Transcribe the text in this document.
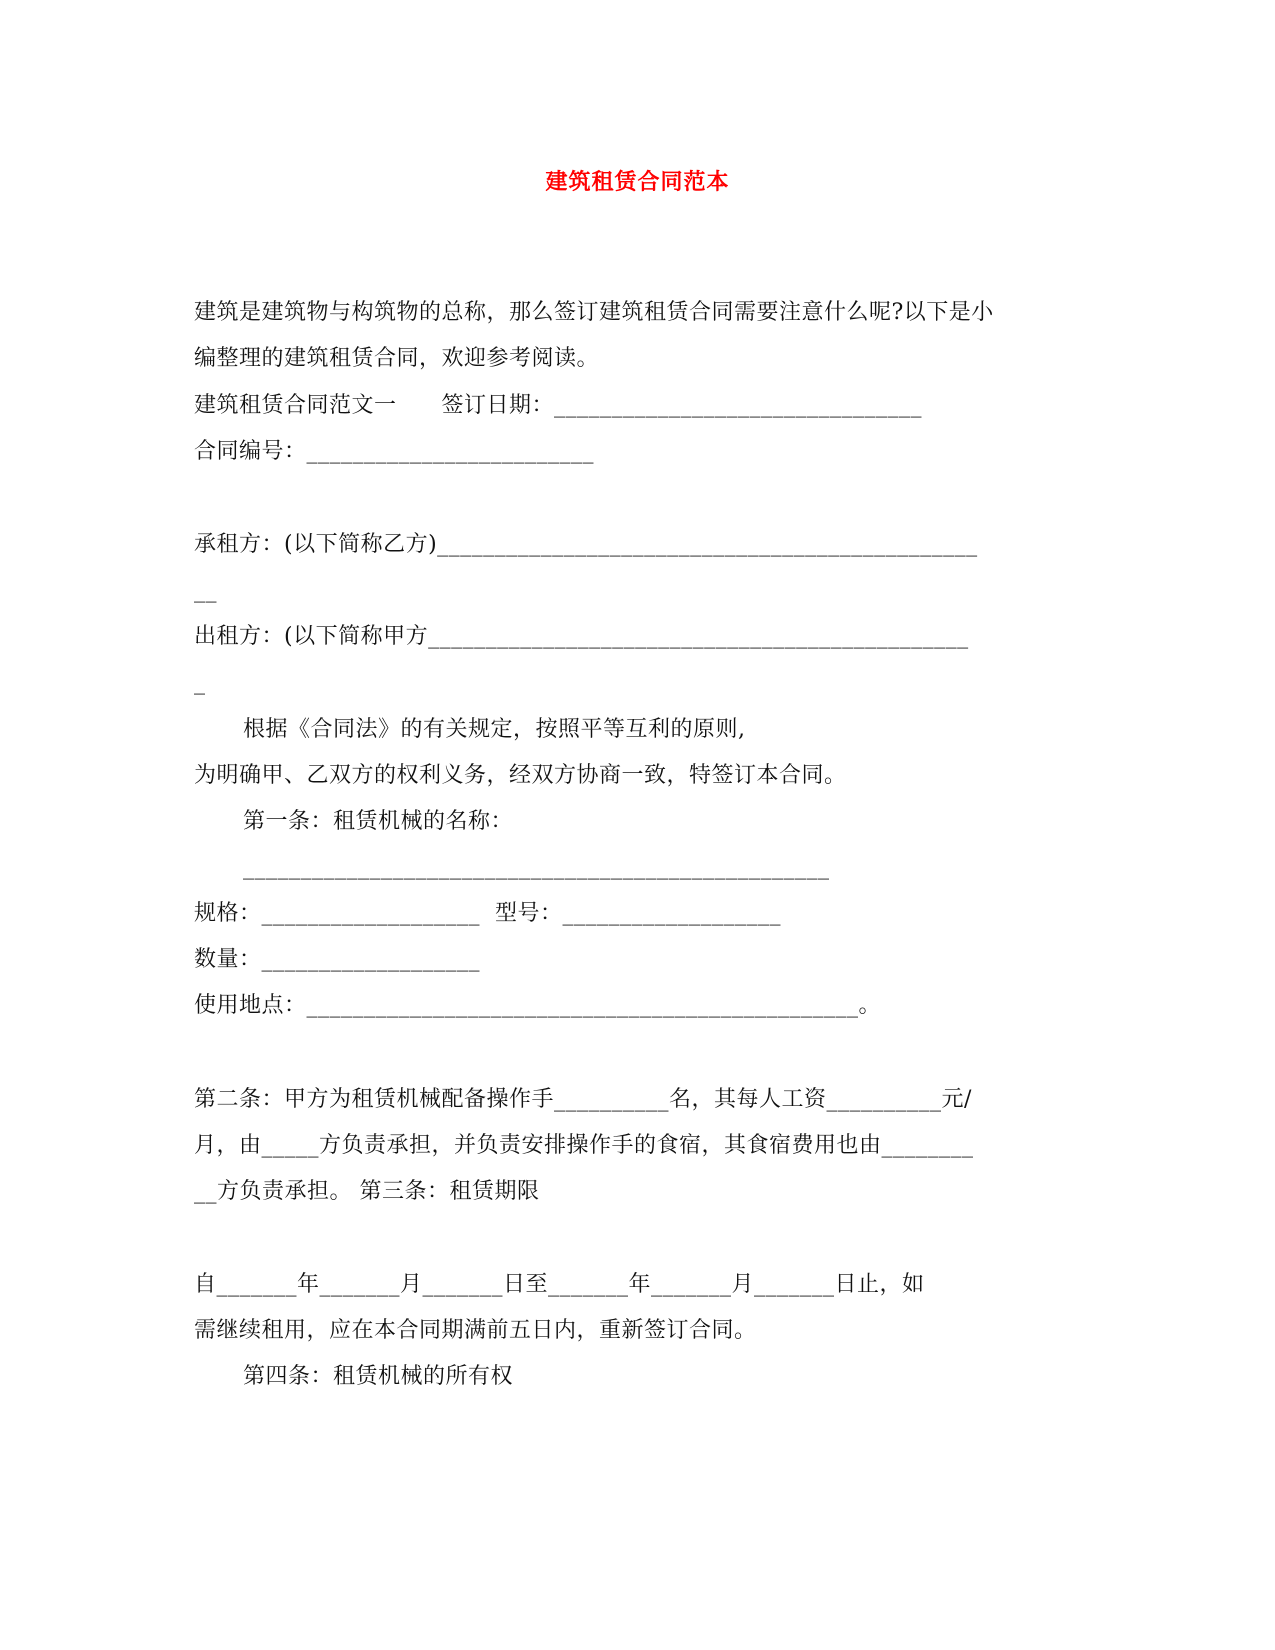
建筑租赁合同范本
建筑是建筑物与构筑物的总称，那么签订建筑租赁合同需要注意什么呢?以下是小
编整理的建筑租赁合同，欢迎参考阅读。
建筑租赁合同范文一　　签订日期：________________________________
合同编号：_________________________
承租方：(以下简称乙方)_______________________________________________
__
出租方：(以下简称甲方_______________________________________________
_
根据《合同法》的有关规定，按照平等互利的原则,
为明确甲、乙双方的权利义务，经双方协商一致，特签订本合同。
第一条：租赁机械的名称：
___________________________________________________
规格：___________________  型号：___________________
数量：___________________
使用地点：________________________________________________。
第二条：甲方为租赁机械配备操作手__________名，其每人工资__________元/
月，由_____方负责承担，并负责安排操作手的食宿，其食宿费用也由________
__方负责承担。 第三条：租赁期限
自_______年_______月_______日至_______年_______月_______日止，如
需继续租用，应在本合同期满前五日内，重新签订合同。
第四条：租赁机械的所有权
